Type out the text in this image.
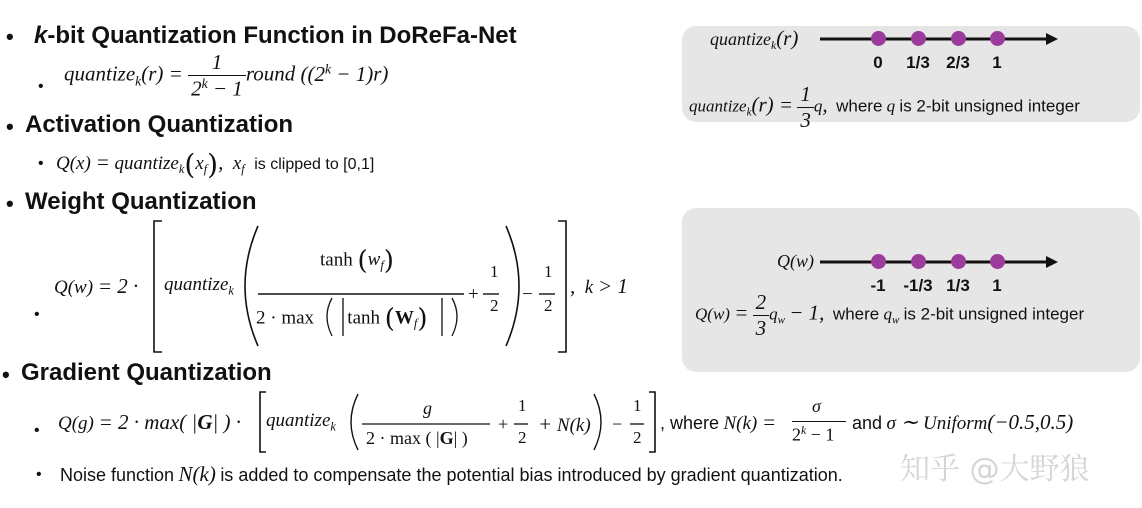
• k-bit Quantization Function in DoReFa-Net
•
quantize$_k$(r) = $\frac{1}{2^k - 1}$ round $((2^k - 1)r)$
• Activation Quantization
• $Q(x) = quantize_k(x_f)$,  $x_f$ is clipped to [0,1]
• Weight Quantization
•
Q(w) = 2 · quantize$_k$
$\tanh (w_f)$
2 · max       $\tanh (W_f)$
+
1
2
−
1
2
,  k > 1
• Gradient Quantization
• Q(g) = 2 · max( |G| ) · quantize$_k$
g
2 · max ( |G| )
+
1
2
+ N(k) −
1
2
, where N(k) =
σ
$2^k - 1$
and σ ∼ Uniform(−0.5,0.5)
• Noise function N(k) is added to compensate the potential bias introduced by gradient quantization. 知乎 @大野狼
quantize$_k$(r)
0	1/3 2/3	1
quantize$_k$(r) = $\frac{1}{3} q$, where q is 2-bit unsigned integer
Q(w)
-1	-1/3 1/3	1
$Q(w) = \frac{2}{3} q_w - 1$, where $q_w$ is 2-bit unsigned integer
